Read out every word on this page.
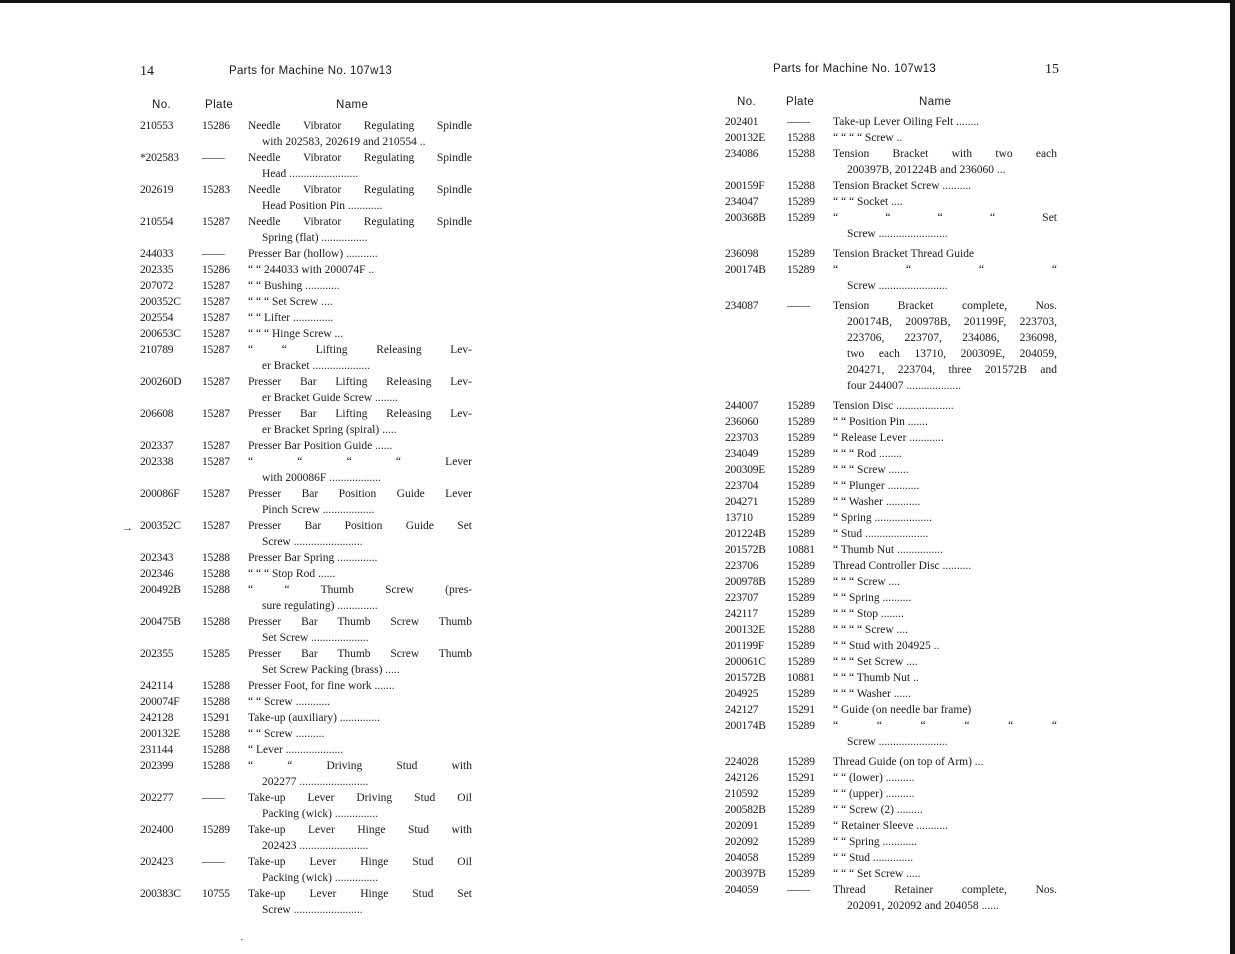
14	Parts for Machine No. 107w13
No.	Plate	Name
210553	15286	Needle Vibrator Regulating Spindle
with 202583, 202619 and 210554 ..
*202583	——	Needle Vibrator Regulating Spindle
Head ........................
202619	15283	Needle Vibrator Regulating Spindle
Head Position Pin ............
210554	15287	Needle Vibrator Regulating Spindle
Spring (flat) ................
244033	——	Presser Bar (hollow) ...........
202335	15286	“ “ 244033 with 200074F ..
207072	15287	“ “ Bushing ............
200352C	15287	“ “ “ Set Screw ....
202554	15287	“ “ Lifter ..............
200653C	15287	“ “ “ Hinge Screw ...
210789	15287	“ “ Lifting Releasing Lev-
er Bracket ....................
200260D	15287	Presser Bar Lifting Releasing Lev-
er Bracket Guide Screw ........
206608	15287	Presser Bar Lifting Releasing Lev-
er Bracket Spring (spiral) .....
202337	15287	Presser Bar Position Guide ......
202338	15287	“ “ “ “ Lever
with 200086F ..................
200086F	15287	Presser Bar Position Guide Lever
Pinch Screw ..................
200352C	15287	Presser Bar Position Guide Set
Screw ........................
202343	15288	Presser Bar Spring ..............
202346	15288	“ “ “ Stop Rod ......
200492B	15288	“ “ Thumb Screw (pres-
sure regulating) ..............
200475B	15288	Presser Bar Thumb Screw Thumb
Set Screw ....................
202355	15285	Presser Bar Thumb Screw Thumb
Set Screw Packing (brass) .....
242114	15288	Presser Foot, for fine work .......
200074F	15288	“ “ Screw ............
242128	15291	Take-up (auxiliary) ..............
200132E	15288	“ “ Screw ..........
231144	15288	“ Lever ....................
202399	15288	“ “ Driving Stud with
202277 ........................
202277	——	Take-up Lever Driving Stud Oil
Packing (wick) ...............
202400	15289	Take-up Lever Hinge Stud with
202423 ........................
202423	——	Take-up Lever Hinge Stud Oil
Packing (wick) ...............
200383C	10755	Take-up Lever Hinge Stud Set
Screw ........................
Parts for Machine No. 107w13	15
No.	Plate	Name
202401	——	Take-up Lever Oiling Felt ........
200132E	15288	“ “ “ “ Screw ..
234086	15288	Tension Bracket with two each
200397B, 201224B and 236060 ...
200159F	15288	Tension Bracket Screw ..........
234047	15289	“ “ “ Socket ....
200368B	15289	“ “ “ “ Set
Screw ........................
236098	15289	Tension Bracket Thread Guide
200174B	15289	“ “ “ “
Screw ........................
234087	——	Tension Bracket complete, Nos.
200174B, 200978B, 201199F, 223703,
223706, 223707, 234086, 236098,
two each 13710, 200309E, 204059,
204271, 223704, three 201572B and
four 244007 ...................
244007	15289	Tension Disc ....................
236060	15289	“ “ Position Pin .......
223703	15289	“ Release Lever ............
234049	15289	“ “ “ Rod ........
200309E	15289	“ “ “ Screw .......
223704	15289	“ “ Plunger ...........
204271	15289	“ “ Washer ............
13710	15289	“ Spring ....................
201224B	15289	“ Stud ......................
201572B	10881	“ Thumb Nut ................
223706	15289	Thread Controller Disc ..........
200978B	15289	“ “ “ Screw ....
223707	15289	“ “ Spring ..........
242117	15289	“ “ “ Stop ........
200132E	15288	“ “ “ “ Screw ....
201199F	15289	“ “ Stud with 204925 ..
200061C	15289	“ “ “ Set Screw ....
201572B	10881	“ “ “ Thumb Nut ..
204925	15289	“ “ “ Washer ......
242127	15291	“ Guide (on needle bar frame)
200174B	15289	“ “ “ “ “ “
Screw ........................
224028	15289	Thread Guide (on top of Arm) ...
242126	15291	“ “ (lower) ..........
210592	15289	“ “ (upper) ..........
200582B	15289	“ “ Screw (2) .........
202091	15289	“ Retainer Sleeve ...........
202092	15289	“ “ Spring ............
204058	15289	“ “ Stud ..............
200397B	15289	“ “ “ Set Screw .....
204059	——	Thread Retainer complete, Nos.
202091, 202092 and 204058 ......
→
·
